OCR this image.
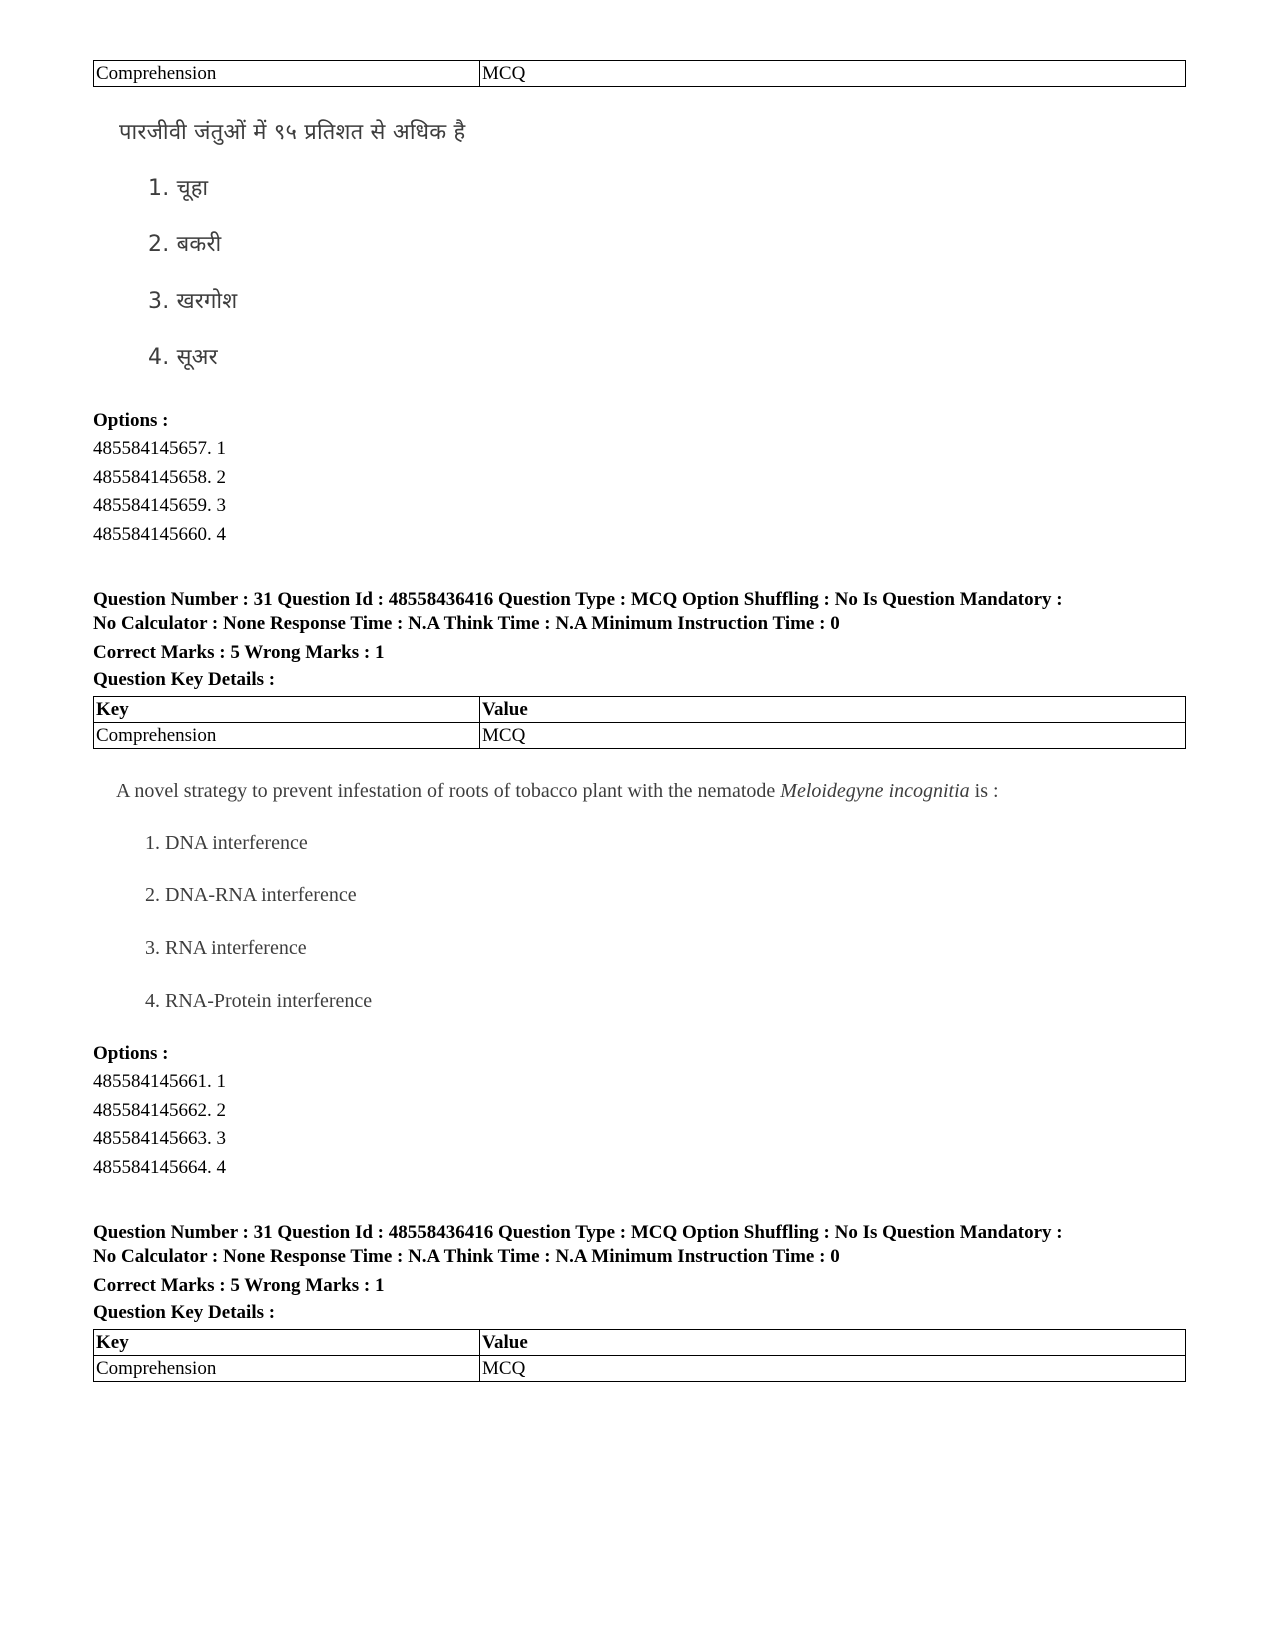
Comprehension	MCQ
पारजीवी जंतुओं में ९५ प्रतिशत से अधिक है
1. चूहा
2. बकरी
3. खरगोश
4. सूअर
Options :
485584145657. 1
485584145658. 2
485584145659. 3
485584145660. 4

Question Number : 31 Question Id : 48558436416 Question Type : MCQ Option Shuffling : No Is Question Mandatory :

No Calculator : None Response Time : N.A Think Time : N.A Minimum Instruction Time : 0

Correct Marks : 5 Wrong Marks : 1

Question Key Details :

Key	Value
Comprehension	MCQ
A novel strategy to prevent infestation of roots of tobacco plant with the nematode Meloidegyne incognitia is :
1. DNA interference
2. DNA-RNA interference
3. RNA interference
4. RNA-Protein interference
Options :
485584145661. 1
485584145662. 2
485584145663. 3
485584145664. 4

Question Number : 31 Question Id : 48558436416 Question Type : MCQ Option Shuffling : No Is Question Mandatory :

No Calculator : None Response Time : N.A Think Time : N.A Minimum Instruction Time : 0

Correct Marks : 5 Wrong Marks : 1

Question Key Details :

Key	Value
Comprehension	MCQ
